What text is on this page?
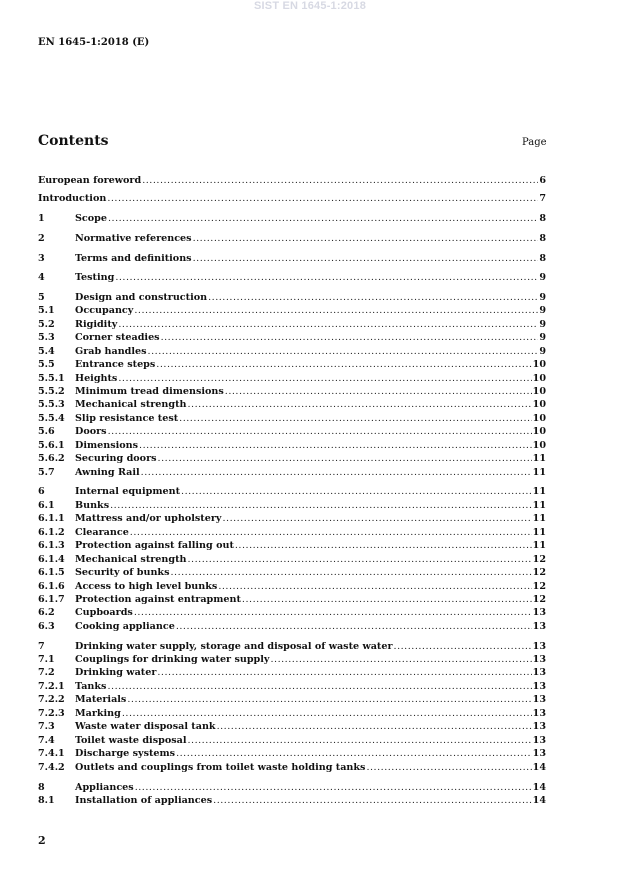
SIST EN 1645-1:2018
EN 1645-1:2018 (E)
Contents	Page
European foreword .....	6
Introduction .....	7
1	Scope .....	8
2	Normative references .....	8
3	Terms and definitions .....	8
4	Testing .....	9
5	Design and construction .....	9
5.1	Occupancy .....	9
5.2	Rigidity .....	9
5.3	Corner steadies .....	9
5.4	Grab handles .....	9
5.5	Entrance steps .....	10
5.5.1	Heights .....	10
5.5.2	Minimum tread dimensions .....	10
5.5.3	Mechanical strength .....	10
5.5.4	Slip resistance test .....	10
5.6	Doors .....	10
5.6.1	Dimensions .....	10
5.6.2	Securing doors .....	11
5.7	Awning Rail .....	11
6	Internal equipment .....	11
6.1	Bunks .....	11
6.1.1	Mattress and/or upholstery .....	11
6.1.2	Clearance .....	11
6.1.3	Protection against falling out .....	11
6.1.4	Mechanical strength .....	12
6.1.5	Security of bunks .....	12
6.1.6	Access to high level bunks .....	12
6.1.7	Protection against entrapment .....	12
6.2	Cupboards .....	13
6.3	Cooking appliance .....	13
7	Drinking water supply, storage and disposal of waste water .....	13
7.1	Couplings for drinking water supply .....	13
7.2	Drinking water .....	13
7.2.1	Tanks .....	13
7.2.2	Materials .....	13
7.2.3	Marking .....	13
7.3	Waste water disposal tank .....	13
7.4	Toilet waste disposal .....	13
7.4.1	Discharge systems .....	13
7.4.2	Outlets and couplings from toilet waste holding tanks .....	14
8	Appliances .....	14
8.1	Installation of appliances .....	14
2
